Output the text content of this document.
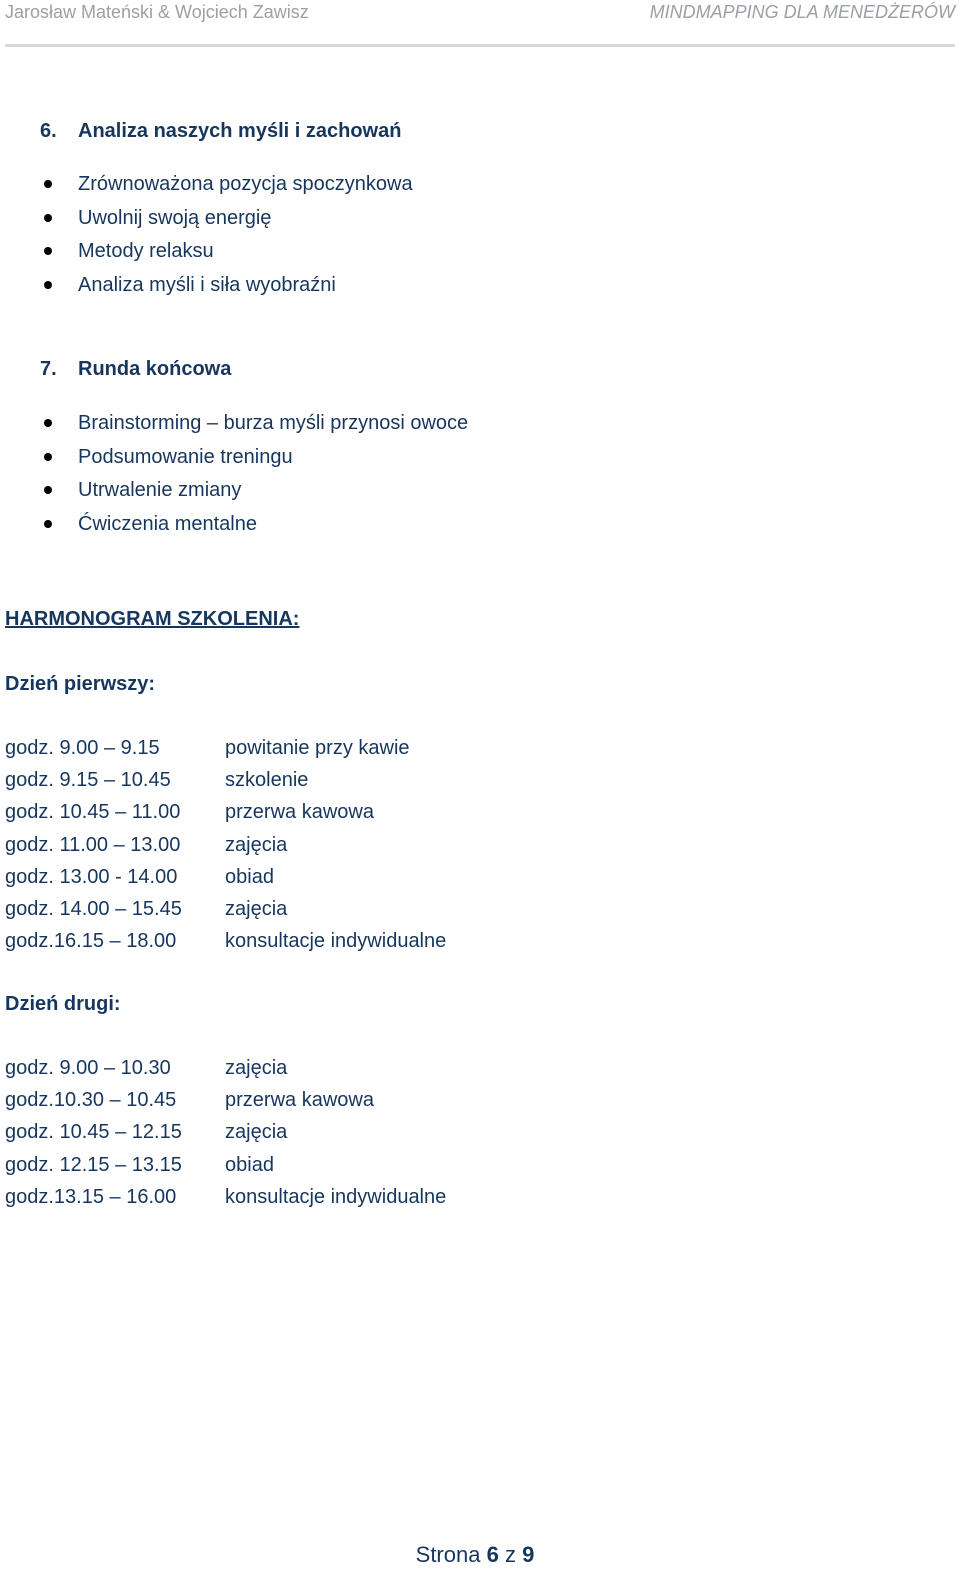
Jarosław Mateński & Wojciech Zawisz	MINDMAPPING DLA MENEDŻERÓW
6. Analiza naszych myśli i zachowań
Zrównoważona pozycja spoczynkowa
Uwolnij swoją energię
Metody relaksu
Analiza myśli i siła wyobraźni
7. Runda końcowa
Brainstorming – burza myśli przynosi owoce
Podsumowanie treningu
Utrwalenie zmiany
Ćwiczenia mentalne
HARMONOGRAM SZKOLENIA:
Dzień pierwszy:
godz. 9.00 – 9.15	powitanie przy kawie
godz. 9.15 – 10.45	szkolenie
godz. 10.45 – 11.00 przerwa kawowa
godz. 11.00 – 13.00 zajęcia
godz. 13.00 - 14.00 obiad
godz. 14.00 – 15.45 zajęcia
godz.16.15 – 18.00 konsultacje indywidualne
Dzień drugi:
godz. 9.00 – 10.30	zajęcia
godz.10.30 – 10.45 przerwa kawowa
godz. 10.45 – 12.15 zajęcia
godz. 12.15 – 13.15 obiad
godz.13.15 – 16.00 konsultacje indywidualne
Strona 6 z 9
